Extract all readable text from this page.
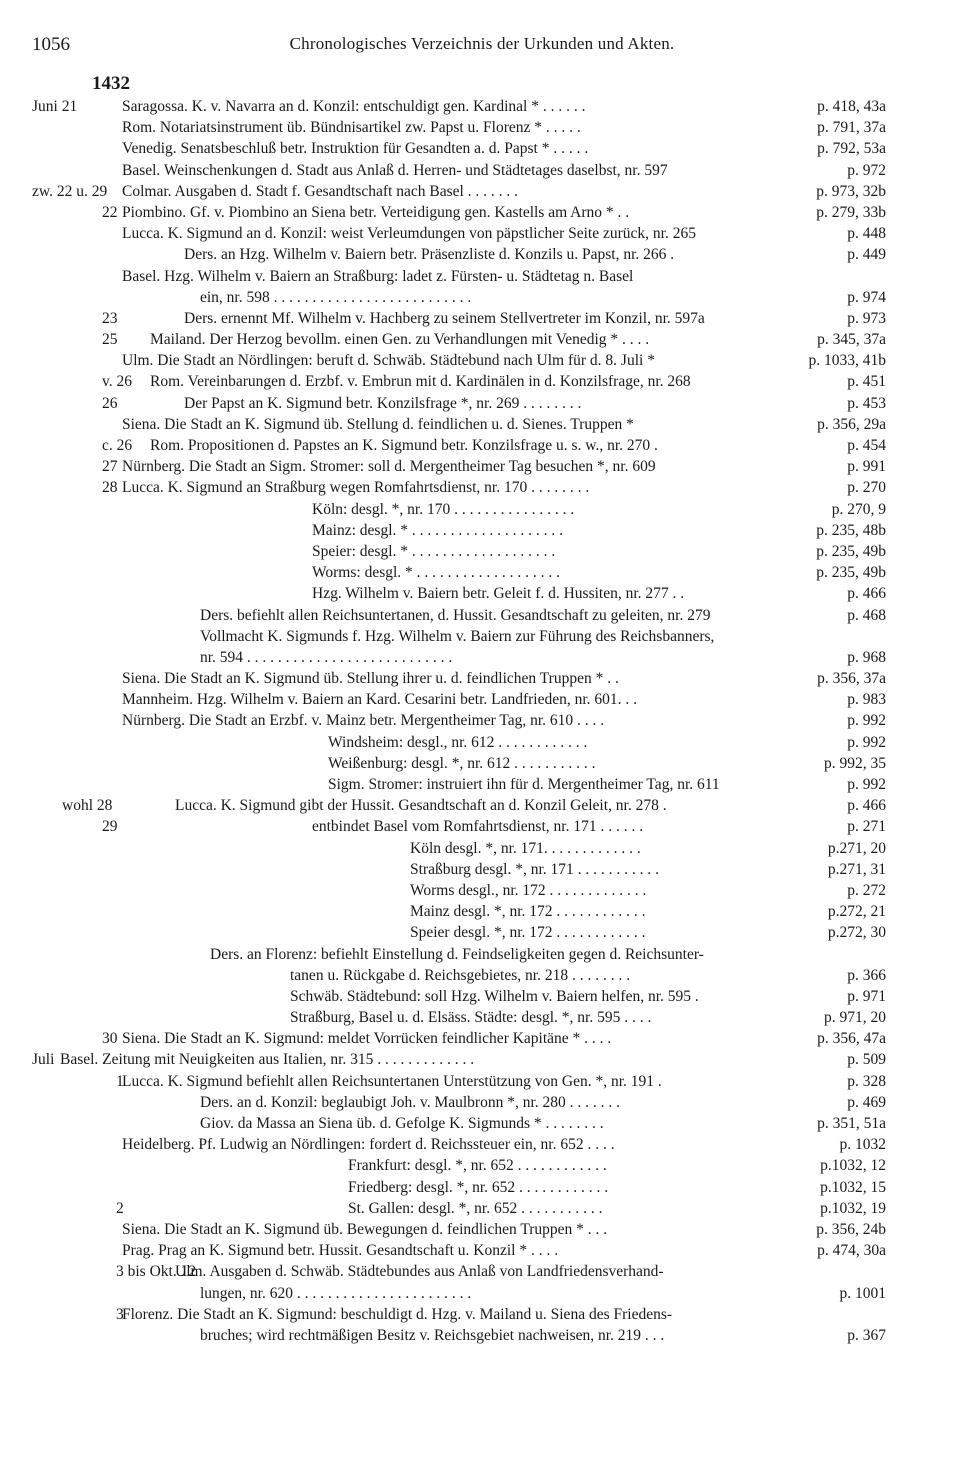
1056	Chronologisches Verzeichnis der Urkunden und Akten.
1432
Juni 21	Saragossa. K. v. Navarra an d. Konzil: entschuldigt gen. Kardinal * . . . . . .	p. 418, 43a
Rom. Notariatsinstrument üb. Bündnisartikel zw. Papst u. Florenz * . . . . .	p. 791, 37a
Venedig. Senatsbeschluß betr. Instruktion für Gesandten a. d. Papst * . . . . .	p. 792, 53a
Basel. Weinschenkungen d. Stadt aus Anlaß d. Herren- und Städtetages daselbst, nr. 597	p. 972
zw. 22 u. 29 Colmar. Ausgaben d. Stadt f. Gesandtschaft nach Basel . . . . . . .	p. 973, 32b
22 Piombino. Gf. v. Piombino an Siena betr. Verteidigung gen. Kastells am Arno * . .	p. 279, 33b
Lucca. K. Sigmund an d. Konzil: weist Verleumdungen von päpstlicher Seite zurück, nr. 265	p. 448
Ders. an Hzg. Wilhelm v. Baiern betr. Präsenzliste d. Konzils u. Papst, nr. 266 .	p. 449
Basel. Hzg. Wilhelm v. Baiern an Straßburg: ladet z. Fürsten- u. Städtetag n. Basel
ein, nr. 598 . . . . . . . . . . . . . . . . . . . . . . . . . .	p. 974
23	Ders. ernennt Mf. Wilhelm v. Hachberg zu seinem Stellvertreter im Konzil, nr. 597a	p. 973
25 Mailand. Der Herzog bevollm. einen Gen. zu Verhandlungen mit Venedig * . . . .	p. 345, 37a
Ulm. Die Stadt an Nördlingen: beruft d. Schwäb. Städtebund nach Ulm für d. 8. Juli *	p. 1033, 41b
v. 26 Rom. Vereinbarungen d. Erzbf. v. Embrun mit d. Kardinälen in d. Konzilsfrage, nr. 268	p. 451
26	Der Papst an K. Sigmund betr. Konzilsfrage *, nr. 269 . . . . . . . .	p. 453
Siena. Die Stadt an K. Sigmund üb. Stellung d. feindlichen u. d. Sienes. Truppen *	p. 356, 29a
c. 26 Rom. Propositionen d. Papstes an K. Sigmund betr. Konzilsfrage u. s. w., nr. 270 .	p. 454
27 Nürnberg. Die Stadt an Sigm. Stromer: soll d. Mergentheimer Tag besuchen *, nr. 609	p. 991
28 Lucca. K. Sigmund an Straßburg wegen Romfahrtsdienst, nr. 170 . . . . . . . .	p. 270
Köln: desgl. *, nr. 170 . . . . . . . . . . . . . . . .	p. 270, 9
Mainz: desgl. * . . . . . . . . . . . . . . . . . . . .	p. 235, 48b
Speier: desgl. * . . . . . . . . . . . . . . . . . . .	p. 235, 49b
Worms: desgl. * . . . . . . . . . . . . . . . . . . .	p. 235, 49b
Hzg. Wilhelm v. Baiern betr. Geleit f. d. Hussiten, nr. 277 . .	p. 466
Ders. befiehlt allen Reichsuntertanen, d. Hussit. Gesandtschaft zu geleiten, nr. 279	p. 468
Vollmacht K. Sigmunds f. Hzg. Wilhelm v. Baiern zur Führung des Reichsbanners,
nr. 594 . . . . . . . . . . . . . . . . . . . . . . . . . . .	p. 968
Siena. Die Stadt an K. Sigmund üb. Stellung ihrer u. d. feindlichen Truppen * . .	p. 356, 37a
Mannheim. Hzg. Wilhelm v. Baiern an Kard. Cesarini betr. Landfrieden, nr. 601. . .	p. 983
Nürnberg. Die Stadt an Erzbf. v. Mainz betr. Mergentheimer Tag, nr. 610 . . . .	p. 992
Windsheim: desgl., nr. 612 . . . . . . . . . . . .	p. 992
Weißenburg: desgl. *, nr. 612 . . . . . . . . . . .	p. 992, 35
Sigm. Stromer: instruiert ihn für d. Mergentheimer Tag, nr. 611	p. 992
wohl 28	Lucca. K. Sigmund gibt der Hussit. Gesandtschaft an d. Konzil Geleit, nr. 278 .	p. 466
29	entbindet Basel vom Romfahrtsdienst, nr. 171 . . . . . .	p. 271
Köln desgl. *, nr. 171. . . . . . . . . . . . .	p.271, 20
Straßburg desgl. *, nr. 171 . . . . . . . . . . .	p.271, 31
Worms desgl., nr. 172 . . . . . . . . . . . . .	p. 272
Mainz desgl. *, nr. 172 . . . . . . . . . . . .	p.272, 21
Speier desgl. *, nr. 172 . . . . . . . . . . . .	p.272, 30
Ders. an Florenz: befiehlt Einstellung d. Feindseligkeiten gegen d. Reichsunter-
tanen u. Rückgabe d. Reichsgebietes, nr. 218 . . . . . . . .	p. 366
Schwäb. Städtebund: soll Hzg. Wilhelm v. Baiern helfen, nr. 595 .	p. 971
Straßburg, Basel u. d. Elsäss. Städte: desgl. *, nr. 595 . . . .	p. 971, 20
30 Siena. Die Stadt an K. Sigmund: meldet Vorrücken feindlicher Kapitäne * . . . .	p. 356, 47a
Juli Basel. Zeitung mit Neuigkeiten aus Italien, nr. 315 . . . . . . . . . . . . .	p. 509
1
Lucca. K. Sigmund befiehlt allen Reichsuntertanen Unterstützung von Gen. *, nr. 191 .	p. 328
Ders. an d. Konzil: beglaubigt Joh. v. Maulbronn *, nr. 280 . . . . . . .	p. 469
Giov. da Massa an Siena üb. d. Gefolge K. Sigmunds * . . . . . . . .	p. 351, 51a
Heidelberg. Pf. Ludwig an Nördlingen: fordert d. Reichssteuer ein, nr. 652 . . . .	p. 1032
Frankfurt: desgl. *, nr. 652 . . . . . . . . . . . .	p.1032, 12
Friedberg: desgl. *, nr. 652 . . . . . . . . . . . .	p.1032, 15
2	St. Gallen: desgl. *, nr. 652 . . . . . . . . . . .	p.1032, 19
Siena. Die Stadt an K. Sigmund üb. Bewegungen d. feindlichen Truppen * . . .	p. 356, 24b
Prag. Prag an K. Sigmund betr. Hussit. Gesandtschaft u. Konzil * . . . .	p. 474, 30a
3 bis Okt. 12
Ulm. Ausgaben d. Schwäb. Städtebundes aus Anlaß von Landfriedensverhand-
lungen, nr. 620 . . . . . . . . . . . . . . . . . . . . . . .	p. 1001
3
Florenz. Die Stadt an K. Sigmund: beschuldigt d. Hzg. v. Mailand u. Siena des Friedens-
bruches; wird rechtmäßigen Besitz v. Reichsgebiet nachweisen, nr. 219 . . .	p. 367
